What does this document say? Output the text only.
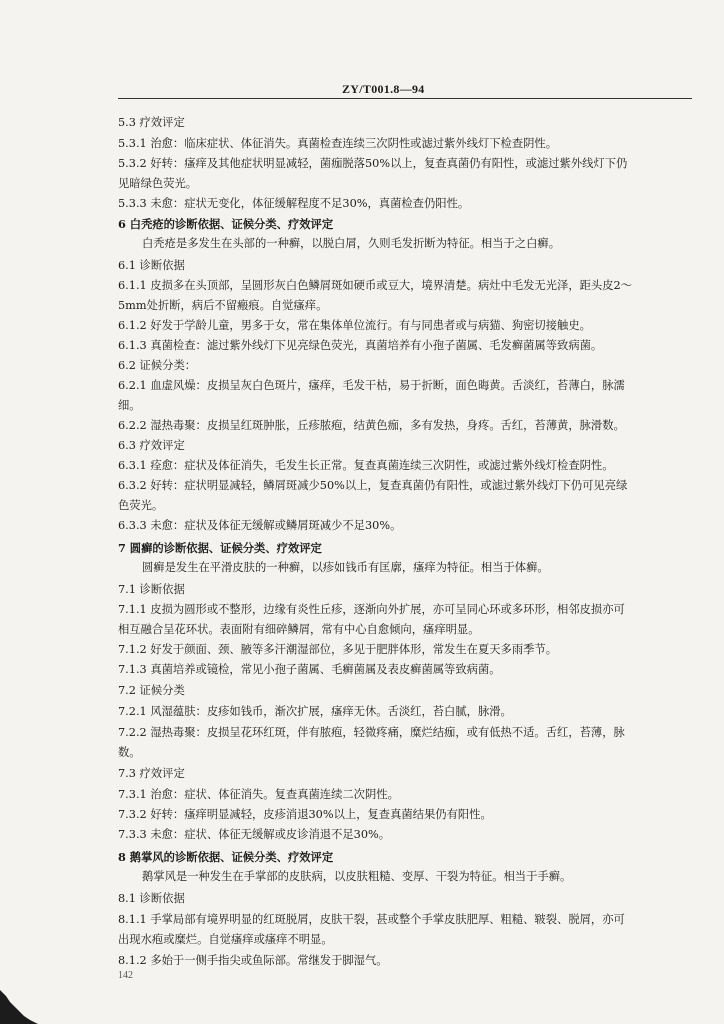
ZY/T001.8—94
5.3 疗效评定
5.3.1 治愈：临床症状、体征消失。真菌检查连续三次阴性或滤过紫外线灯下检查阴性。
5.3.2 好转：瘙痒及其他症状明显减轻，菌痂脱落50%以上，复查真菌仍有阳性，或滤过紫外线灯下仍
见暗绿色荧光。
5.3.3 未愈：症状无变化，体征缓解程度不足30%，真菌检查仍阳性。
6 白秃疮的诊断依据、证候分类、疗效评定
白秃疮是多发生在头部的一种癣，以脱白屑，久则毛发折断为特征。相当于之白癣。
6.1 诊断依据
6.1.1 皮损多在头顶部，呈圆形灰白色鳞屑斑如硬币或豆大，境界清楚。病灶中毛发无光泽，距头皮2～
5mm处折断，病后不留瘢痕。自觉瘙痒。
6.1.2 好发于学龄儿童，男多于女，常在集体单位流行。有与同患者或与病猫、狗密切接触史。
6.1.3 真菌检查：滤过紫外线灯下见亮绿色荧光，真菌培养有小孢子菌属、毛发癣菌属等致病菌。
6.2 证候分类：
6.2.1 血虚风燥：皮损呈灰白色斑片，瘙痒，毛发干枯，易于折断，面色晦黄。舌淡红，苔薄白，脉濡
细。
6.2.2 湿热毒聚：皮损呈红斑肿胀，丘疹脓疱，结黄色痂，多有发热，身疼。舌红，苔薄黄，脉滑数。
6.3 疗效评定
6.3.1 痊愈：症状及体征消失，毛发生长正常。复查真菌连续三次阴性，或滤过紫外线灯检查阴性。
6.3.2 好转：症状明显减轻，鳞屑斑减少50%以上，复查真菌仍有阳性，或滤过紫外线灯下仍可见亮绿
色荧光。
6.3.3 未愈：症状及体征无缓解或鳞屑斑减少不足30%。
7 圆癣的诊断依据、证候分类、疗效评定
圆癣是发生在平滑皮肤的一种癣，以疹如钱币有匡廓，瘙痒为特征。相当于体癣。
7.1 诊断依据
7.1.1 皮损为圆形或不整形，边缘有炎性丘疹，逐渐向外扩展，亦可呈同心环或多环形，相邻皮损亦可
相互融合呈花环状。表面附有细碎鳞屑，常有中心自愈倾向，瘙痒明显。
7.1.2 好发于颜面、颈、腋等多汗潮湿部位，多见于肥胖体形，常发生在夏天多雨季节。
7.1.3 真菌培养或镜检，常见小孢子菌属、毛癣菌属及表皮癣菌属等致病菌。
7.2 证候分类
7.2.1 风湿蕴肤：皮疹如钱币，渐次扩展，瘙痒无休。舌淡红，苔白腻，脉滑。
7.2.2 湿热毒聚：皮损呈花环红斑，伴有脓疱，轻微疼痛，糜烂结痂，或有低热不适。舌红，苔薄，脉
数。
7.3 疗效评定
7.3.1 治愈：症状、体征消失。复查真菌连续二次阴性。
7.3.2 好转：瘙痒明显减轻，皮疹消退30%以上，复查真菌结果仍有阳性。
7.3.3 未愈：症状、体征无缓解或皮诊消退不足30%。
8 鹅掌风的诊断依据、证候分类、疗效评定
鹅掌风是一种发生在手掌部的皮肤病，以皮肤粗糙、变厚、干裂为特征。相当于手癣。
8.1 诊断依据
8.1.1 手掌局部有境界明显的红斑脱屑，皮肤干裂，甚或整个手掌皮肤肥厚、粗糙、皲裂、脱屑，亦可
出现水疱或糜烂。自觉瘙痒或瘙痒不明显。
8.1.2 多始于一侧手指尖或鱼际部。常继发于脚湿气。
142
